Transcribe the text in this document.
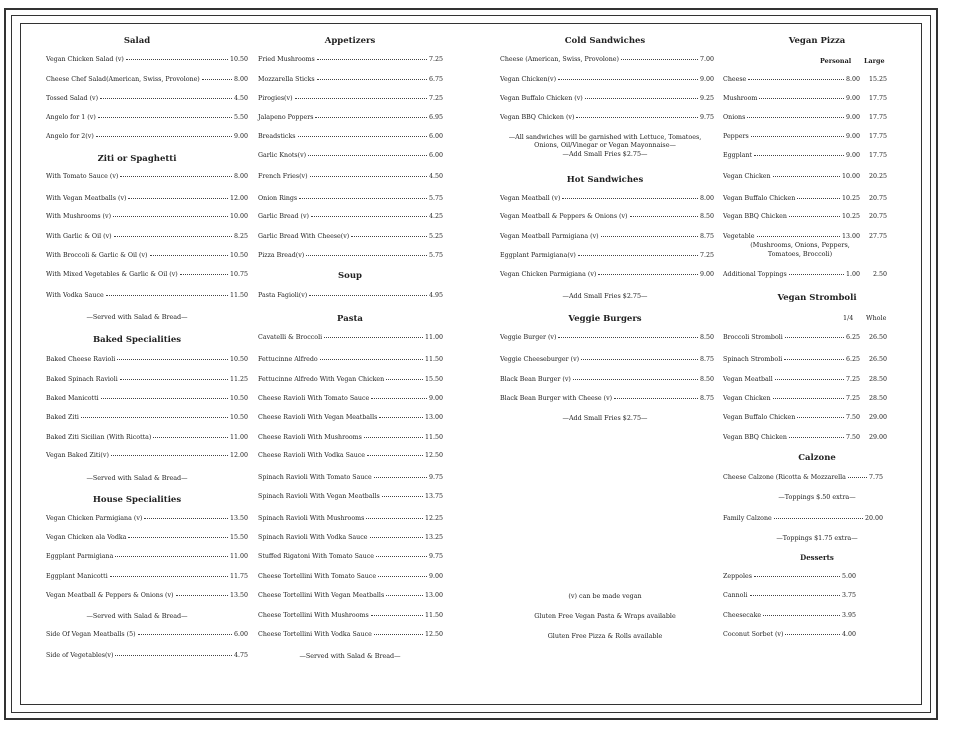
Salad
Vegan Chicken Salad (v)	10.50
Cheese Chef Salad(American, Swiss, Provolone)	8.00
Tossed Salad (v)	4.50
Angelo for 1 (v)	5.50
Angelo for 2(v)	9.00
Ziti or Spaghetti
With Tomato Sauce (v)	8.00
With Vegan Meatballs (v)	12.00
With Mushrooms (v)	10.00
With Garlic & Oil (v)	8.25
With Broccoli & Garlic & Oil (v)	10.50
With Mixed Vegetables & Garlic & Oil (v)	10.75
With Vodka Sauce	11.50
—Served with Salad & Bread—
Baked Specialities
Baked Cheese Ravioli	10.50
Baked Spinach Ravioli	11.25
Baked Manicotti	10.50
Baked Ziti	10.50
Baked Ziti Sicilian (With Ricotta)	11.00
Vegan Baked Ziti(v)	12.00
—Served with Salad & Bread—
House Specialities
Vegan Chicken Parmigiana (v)	13.50
Vegan Chicken ala Vodka	15.50
Eggplant Parmigiana	11.00
Eggplant Manicotti	11.75
Vegan Meatball & Peppers & Onions (v)	13.50
—Served with Salad & Bread—
Side Of Vegan Meatballs (5)	6.00
Side of Vegetables(v)	4.75
Appetizers
Fried Mushrooms	7.25
Mozzarella Sticks	6.75
Pirogies(v)	7.25
Jalapeno Poppers	6.95
Breadsticks	6.00
Garlic Knots(v)	6.00
French Fries(v)	4.50
Onion Rings	5.75
Garlic Bread (v)	4.25
Garlic Bread With Cheese(v)	5.25
Pizza Bread(v)	5.75
Soup
Pasta Fagioli(v)	4.95
Pasta
Cavatelli & Broccoli	11.00
Fettucinne Alfredo	11.50
Fettucinne Alfredo With Vegan Chicken	15.50
Cheese Ravioli With Tomato Sauce	9.00
Cheese Ravioli With Vegan Meatballs	13.00
Cheese Ravioli With Mushrooms	11.50
Cheese Ravioli With Vodka Sauce	12.50
Spinach Ravioli With Tomato Sauce	9.75
Spinach Ravioli With Vegan Meatballs	13.75
Spinach Ravioli With Mushrooms	12.25
Spinach Ravioli With Vodka Sauce	13.25
Stuffed Rigatoni With Tomato Sauce	9.75
Cheese Tortellini With Tomato Sauce	9.00
Cheese Tortellini With Vegan Meatballs	13.00
Cheese Tortellini With Mushrooms	11.50
Cheese Tortellini With Vodka Sauce	12.50
—Served with Salad & Bread—
Cold Sandwiches
Cheese (American, Swiss, Provolone)	7.00
Vegan Chicken(v)	9.00
Vegan Buffalo Chicken (v)	9.25
Vegan BBQ Chicken (v)	9.75
—All sandwiches will be garnished with Lettuce, Tomatoes,
Onions, Oil/Vinegar or Vegan Mayonnaise—
—Add Small Fries $2.75—
Hot Sandwiches
Vegan Meatball (v)	8.00
Vegan Meatball & Peppers & Onions (v)	8.50
Vegan Meatball Parmigiana (v)	8.75
Eggplant Parmigiana(v)	7.25
Vegan Chicken Parmigiana (v)	9.00
—Add Small Fries $2.75—
Veggie Burgers
Veggie Burger (v)	8.50
Veggie Cheeseburger (v)	8.75
Black Bean Burger (v)	8.50
Black Bean Burger with Cheese (v)	8.75
—Add Small Fries $2.75—
(v) can be made vegan
Gluten Free Vegan Pasta & Wraps available
Gluten Free Pizza & Rolls available
Vegan Pizza
Personal Large
Cheese	8.00	15.25
Mushroom	9.00	17.75
Onions	9.00	17.75
Peppers	9.00	17.75
Eggplant	9.00	17.75
Vegan Chicken	10.00	20.25
Vegan Buffalo Chicken	10.25	20.75
Vegan BBQ Chicken	10.25	20.75
Vegetable	13.00	27.75
(Mushrooms, Onions, Peppers,
Tomatoes, Broccoli)
Additional Toppings	1.00	2.50
Vegan Stromboli
1/4 Whole
Broccoli Stromboli	6.25	26.50
Spinach Stromboli	6.25	26.50
Vegan Meatball	7.25	28.50
Vegan Chicken	7.25	28.50
Vegan Buffalo Chicken	7.50	29.00
Vegan BBQ Chicken	7.50	29.00
Calzone
Cheese Calzone (Ricotta & Mozzarella	7.75
—Toppings $.50 extra—
Family Calzone	20.00
—Toppings $1.75 extra—
Desserts
Zeppoles	5.00
Cannoli	3.75
Cheesecake	3.95
Coconut Sorbet (v)	4.00
